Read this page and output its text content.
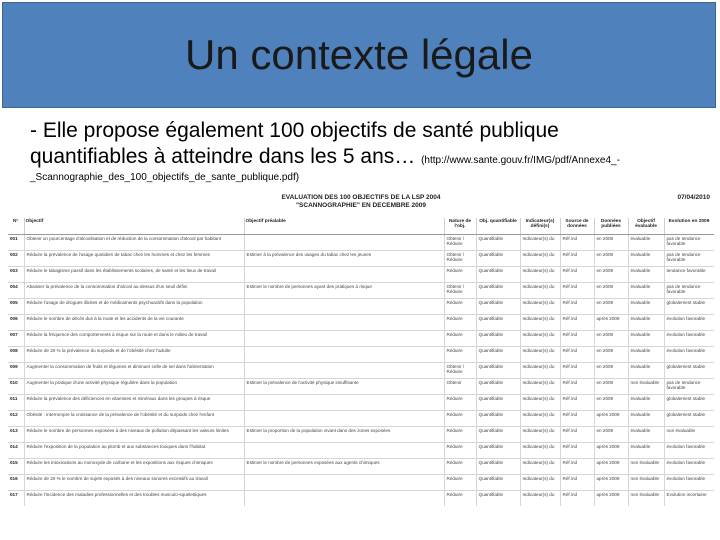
Un contexte légale
- Elle propose également 100 objectifs de santé publique
quantifiables à atteindre dans les 5 ans… (http://www.sante.gouv.fr/IMG/pdf/Annexe4_-
_Scannographie_des_100_objectifs_de_sante_publique.pdf)
EVALUATION DES 100 OBJECTIFS DE LA LSP 2004
"SCANNOGRAPHIE" EN DECEMBRE 2009
07/04/2010
N°	Objectif	Objectif préalable	Nature de l'obj.	Obj. quantifiable	Indicateur(s) défini(s)	Source de données	Données publiées	Objectif évaluable	Evolution en 2009
001	Obtenir un pourcentage d'alcoolisation et de réduction de la consommation d'alcool par habitant		Obtenir / Réduire	Quantifiable	Indicateur(s) du	Réf ind	en 2008	évaluable	pas de tendance favorable
002	Réduire la prévalence de l'usage quotidien de tabac chez les hommes et chez les femmes	Estimer à la prévalence des usages du tabac chez les jeunes	Obtenir / Réduire	Quantifiable	Indicateur(s) du	Réf ind	en 2008	évaluable	pas de tendance favorable
003	Réduire le tabagisme passif dans les établissements scolaires, de santé et les lieux de travail		Réduire	Quantifiable	Indicateur(s) du	Réf ind	en 2009	évaluable	tendance favorable
004	Abaisser la prévalence de la consommation d'alcool au-dessus d'un seuil défini	Estimer le nombre de personnes ayant des pratiques à risque	Obtenir / Réduire	Quantifiable	Indicateur(s) du	Réf ind	en 2008	évaluable	pas de tendance favorable
005	Réduire l'usage de drogues illicites et de médicaments psychoactifs dans la population		Réduire	Quantifiable	Indicateur(s) du	Réf ind	en 2009	évaluable	globalement stable
006	Réduire le nombre de décès dus à la route et les accidents de la vie courante		Réduire	Quantifiable	Indicateur(s) du	Réf ind	après 2009	évaluable	évolution favorable
007	Réduire la fréquence des comportements à risque sur la route et dans le milieu de travail		Réduire	Quantifiable	Indicateur(s) du	Réf ind	en 2008	évaluable	évolution favorable
008	Réduire de 20 % la prévalence du surpoids et de l'obésité chez l'adulte		Réduire	Quantifiable	Indicateur(s) du	Réf ind	en 2009	évaluable	évolution favorable
009	Augmenter la consommation de fruits et légumes et diminuer celle de sel dans l'alimentation		Obtenir / Réduire	Quantifiable	Indicateur(s) du	Réf ind	en 2009	évaluable	globalement stable
010	Augmenter la pratique d'une activité physique régulière dans la population	Estimer la prévalence de l'activité physique insuffisante	Obtenir	Quantifiable	Indicateur(s) du	Réf ind	en 2008	non évaluable	pas de tendance favorable
011	Réduire la prévalence des déficiences en vitamines et minéraux dans les groupes à risque		Réduire	Quantifiable	Indicateur(s) du	Réf ind	en 2009	évaluable	globalement stable
012	Obésité : interrompre la croissance de la prévalence de l'obésité et du surpoids chez l'enfant		Réduire	Quantifiable	Indicateur(s) du	Réf ind	après 2009	évaluable	globalement stable
013	Réduire le nombre de personnes exposées à des niveaux de pollution dépassant les valeurs limites	Estimer la proportion de la population vivant dans des zones exposées	Réduire	Quantifiable	Indicateur(s) du	Réf ind	en 2009	évaluable	non évaluable
014	Réduire l'exposition de la population au plomb et aux substances toxiques dans l'habitat		Réduire	Quantifiable	Indicateur(s) du	Réf ind	après 2009	évaluable	évolution favorable
015	Réduire les intoxications au monoxyde de carbone et les expositions aux risques chimiques	Estimer le nombre de personnes exposées aux agents chimiques	Réduire	Quantifiable	Indicateur(s) du	Réf ind	après 2009	non évaluable	évolution favorable
016	Réduire de 20 % le nombre de sujets exposés à des niveaux sonores excessifs au travail		Réduire	Quantifiable	Indicateur(s) du	Réf ind	après 2009	non évaluable	évolution favorable
017	Réduire l'incidence des maladies professionnelles et des troubles musculo-squelettiques		Réduire	Quantifiable	Indicateur(s) du	Réf ind	après 2009	non évaluable	Evolution incertaine
